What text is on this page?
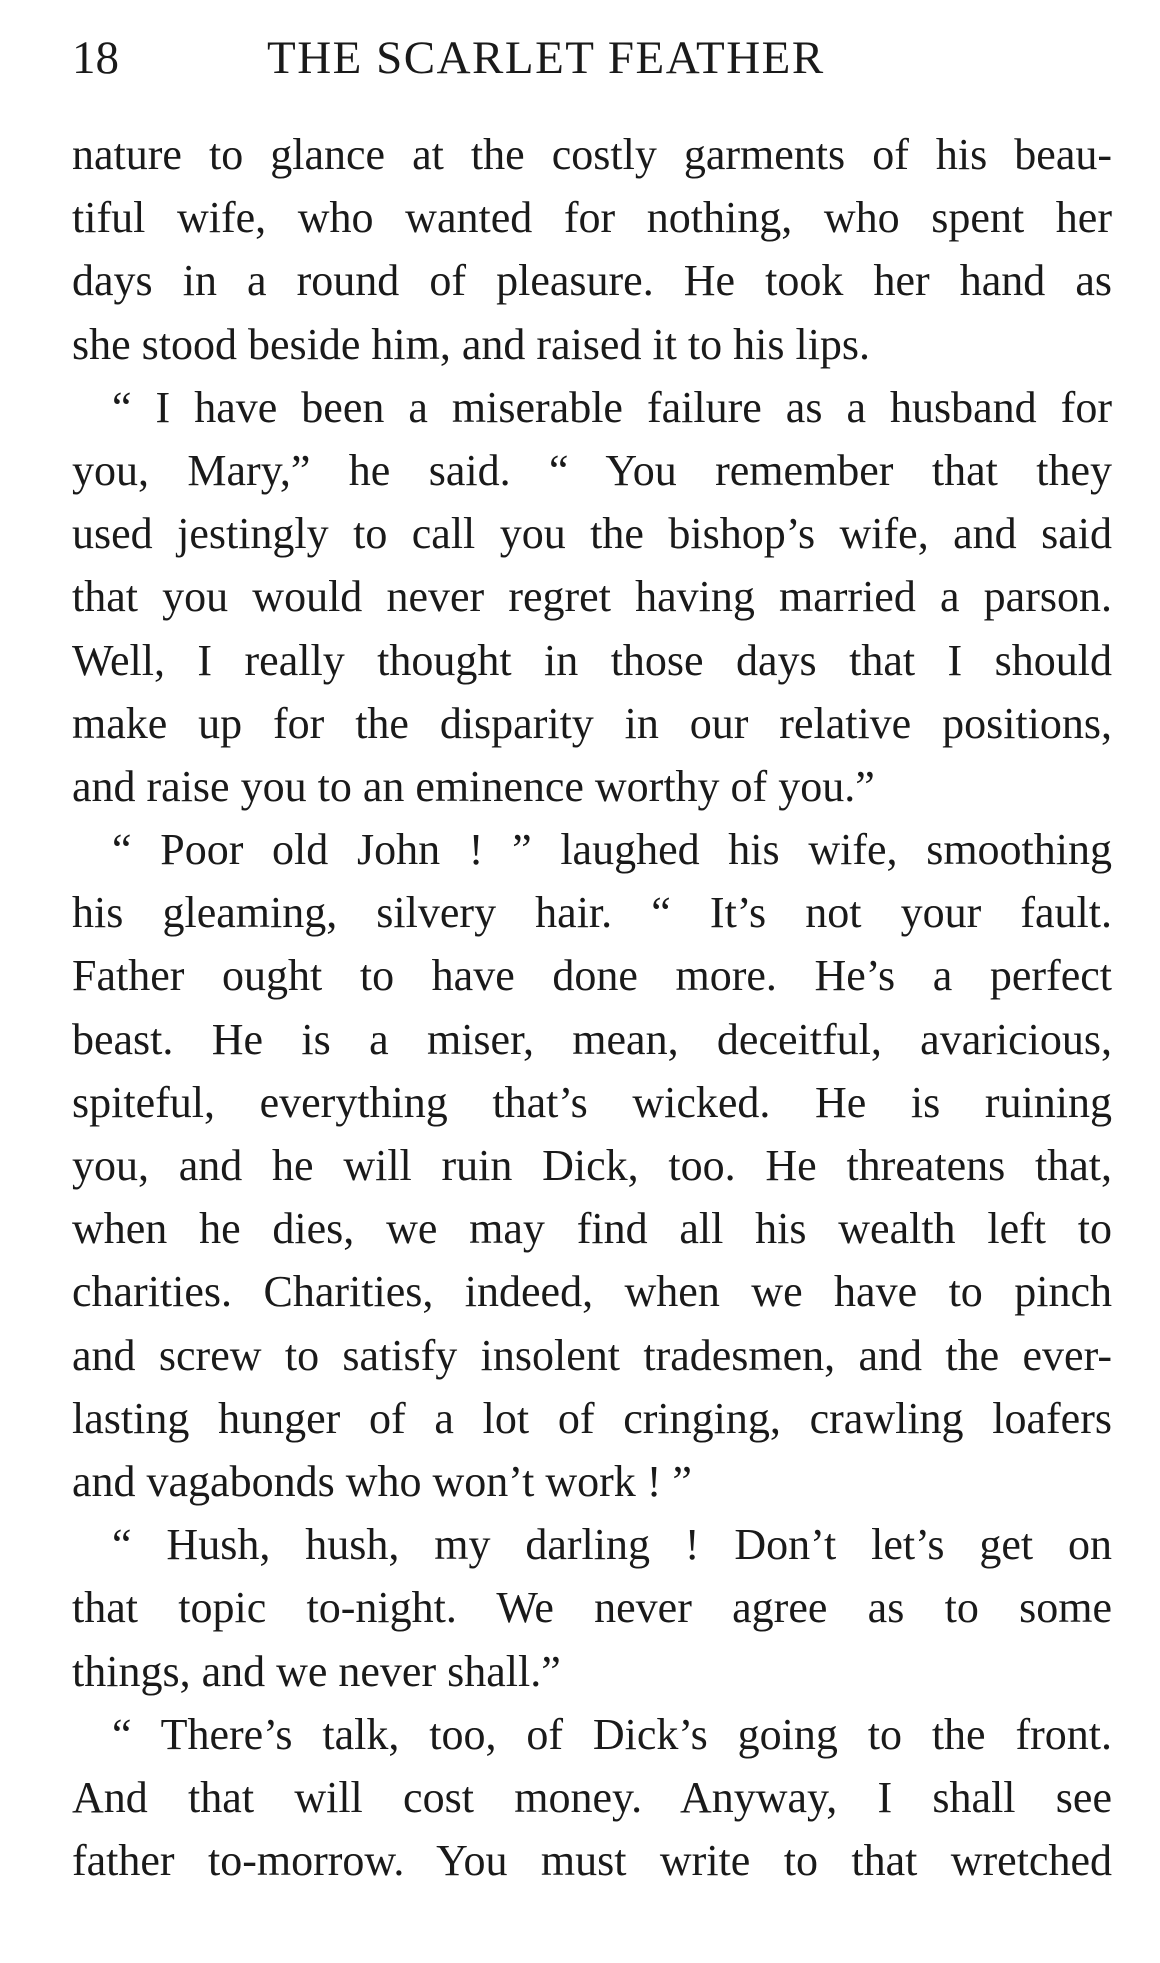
18	THE SCARLET FEATHER
nature to glance at the costly garments of his beau-
tiful wife, who wanted for nothing, who spent her
days in a round of pleasure. He took her hand as
she stood beside him, and raised it to his lips.
“ I have been a miserable failure as a husband for
you, Mary,” he said. “ You remember that they
used jestingly to call you the bishop’s wife, and said
that you would never regret having married a parson.
Well, I really thought in those days that I should
make up for the disparity in our relative positions,
and raise you to an eminence worthy of you.”
“ Poor old John ! ” laughed his wife, smoothing
his gleaming, silvery hair. “ It’s not your fault.
Father ought to have done more. He’s a perfect
beast. He is a miser, mean, deceitful, avaricious,
spiteful, everything that’s wicked. He is ruining
you, and he will ruin Dick, too. He threatens that,
when he dies, we may find all his wealth left to
charities. Charities, indeed, when we have to pinch
and screw to satisfy insolent tradesmen, and the ever-
lasting hunger of a lot of cringing, crawling loafers
and vagabonds who won’t work ! ”
“ Hush, hush, my darling ! Don’t let’s get on
that topic to-night. We never agree as to some
things, and we never shall.”
“ There’s talk, too, of Dick’s going to the front.
And that will cost money. Anyway, I shall see
father to-morrow. You must write to that wretched
